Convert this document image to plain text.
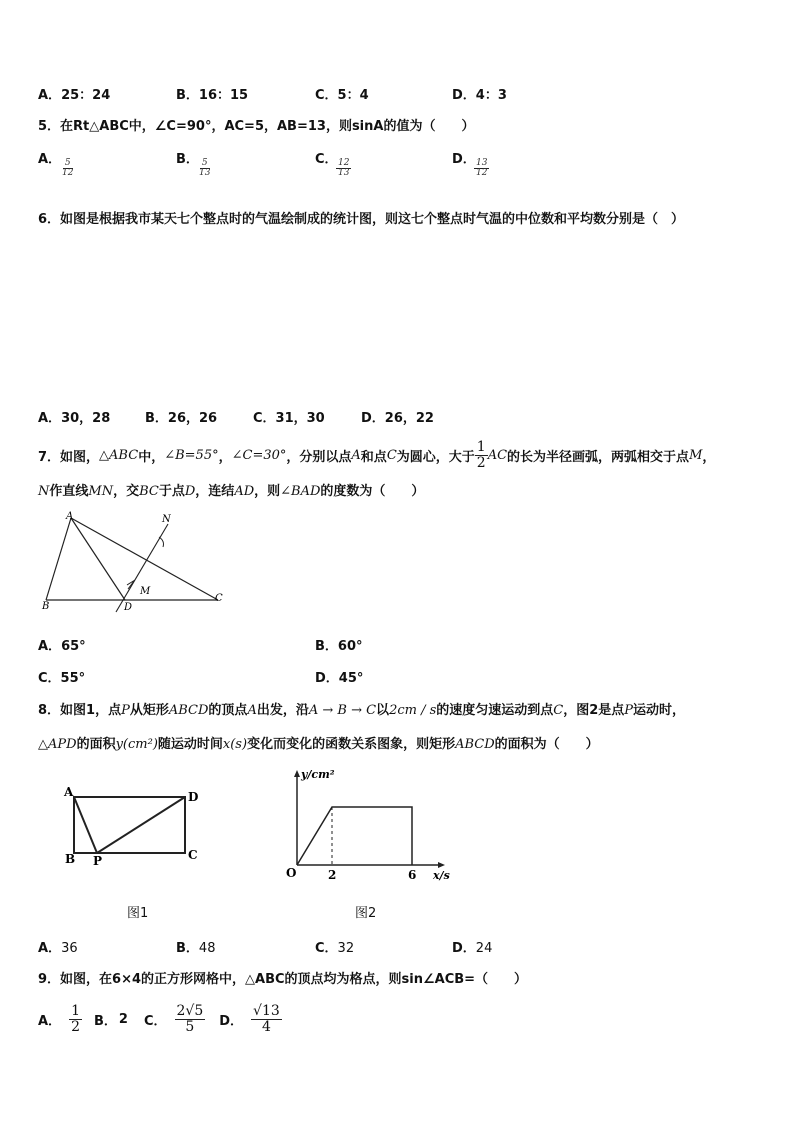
A．25：24	B．16：15	C．5：4	D．4：3
5．在Rt△ABC中，∠C=90°，AC=5，AB=13，则sinA的值为（　　）
A． $\frac{5}{12}$	B． $\frac{5}{13}$	C．
$\frac{12}{13}$	D．
$\frac{13}{12}$
6．如图是根据我市某天七个整点时的气温绘制成的统计图，则这七个整点时气温的中位数和平均数分别是（　）
A．30，28	B．26，26	C．31，30	D．26，22
7．如图， △ABC 中， ∠B=55° ， ∠C=30° ，分别以点 A 和点 C 为圆心，大于 $\frac{1}{2}$ AC 的长为半径画弧，两弧相交于点 M ，
N作直线MN，交BC于点D，连结AD，则∠BAD的度数为（　　）
A
B
C
D
M
N
A．65°	B．60°
C．55°	D．45°
8．如图1，点P从矩形ABCD的顶点A出发，沿A → B → C以2cm / s的速度匀速运动到点C，图2是点P运动时，
△APD的面积y(cm²)随运动时间x(s)变化而变化的函数关系图象，则矩形ABCD的面积为（　　）
A	D
B	C
P
图1
y/cm²
x/s
O	2	6
图2
A．36	B．48	C．32	D．24
9．如图，在6×4的正方形网格中，△ABC的顶点均为格点，则sin∠ACB=（　　）
A． $\frac{1}{2}$ B． 2 C． $\frac{2√5}{5}$ D． $\frac{√13}{4}$
